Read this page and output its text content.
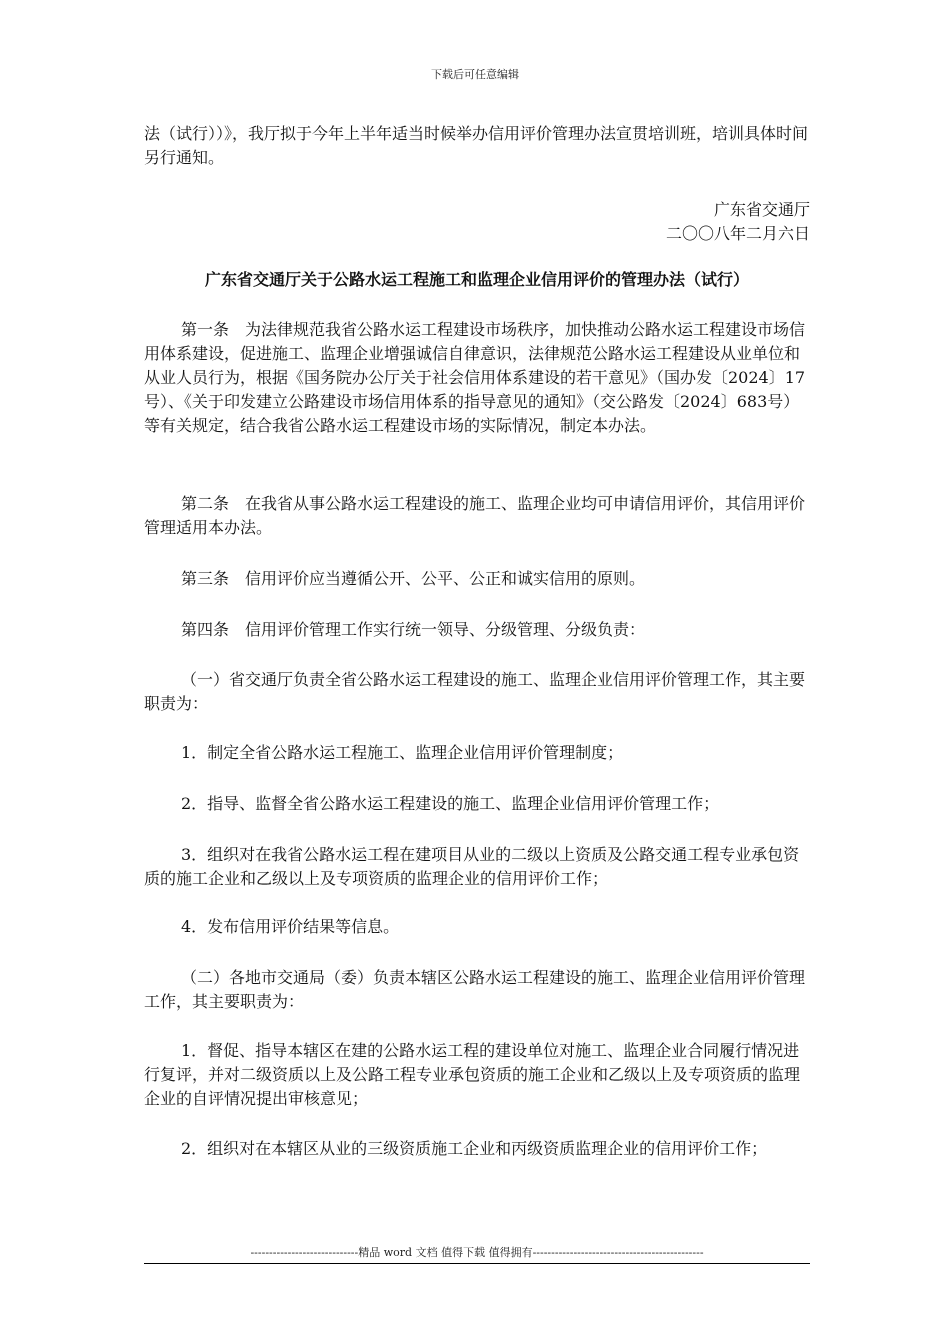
下载后可任意编辑
法（试行））》，我厅拟于今年上半年适当时候举办信用评价管理办法宣贯培训班，培训具体时间另行通知。
广东省交通厅
二〇〇八年二月六日
广东省交通厅关于公路水运工程施工和监理企业信用评价的管理办法（试行）
第一条　为法律规范我省公路水运工程建设市场秩序，加快推动公路水运工程建设市场信用体系建设，促进施工、监理企业增强诚信自律意识，法律规范公路水运工程建设从业单位和从业人员行为，根据《国务院办公厅关于社会信用体系建设的若干意见》（国办发〔2024〕17号）、《关于印发建立公路建设市场信用体系的指导意见的通知》（交公路发〔2024〕683号）等有关规定，结合我省公路水运工程建设市场的实际情况，制定本办法。
第二条　在我省从事公路水运工程建设的施工、监理企业均可申请信用评价，其信用评价管理适用本办法。
第三条　信用评价应当遵循公开、公平、公正和诚实信用的原则。
第四条　信用评价管理工作实行统一领导、分级管理、分级负责：
（一）省交通厅负责全省公路水运工程建设的施工、监理企业信用评价管理工作，其主要职责为：
1．制定全省公路水运工程施工、监理企业信用评价管理制度；
2．指导、监督全省公路水运工程建设的施工、监理企业信用评价管理工作；
3．组织对在我省公路水运工程在建项目从业的二级以上资质及公路交通工程专业承包资质的施工企业和乙级以上及专项资质的监理企业的信用评价工作；
4．发布信用评价结果等信息。
（二）各地市交通局（委）负责本辖区公路水运工程建设的施工、监理企业信用评价管理工作，其主要职责为：
1．督促、指导本辖区在建的公路水运工程的建设单位对施工、监理企业合同履行情况进行复评，并对二级资质以上及公路工程专业承包资质的施工企业和乙级以上及专项资质的监理企业的自评情况提出审核意见；
2．组织对在本辖区从业的三级资质施工企业和丙级资质监理企业的信用评价工作；
-----------------------------精品 word 文档 值得下载 值得拥有----------------------------------------------
